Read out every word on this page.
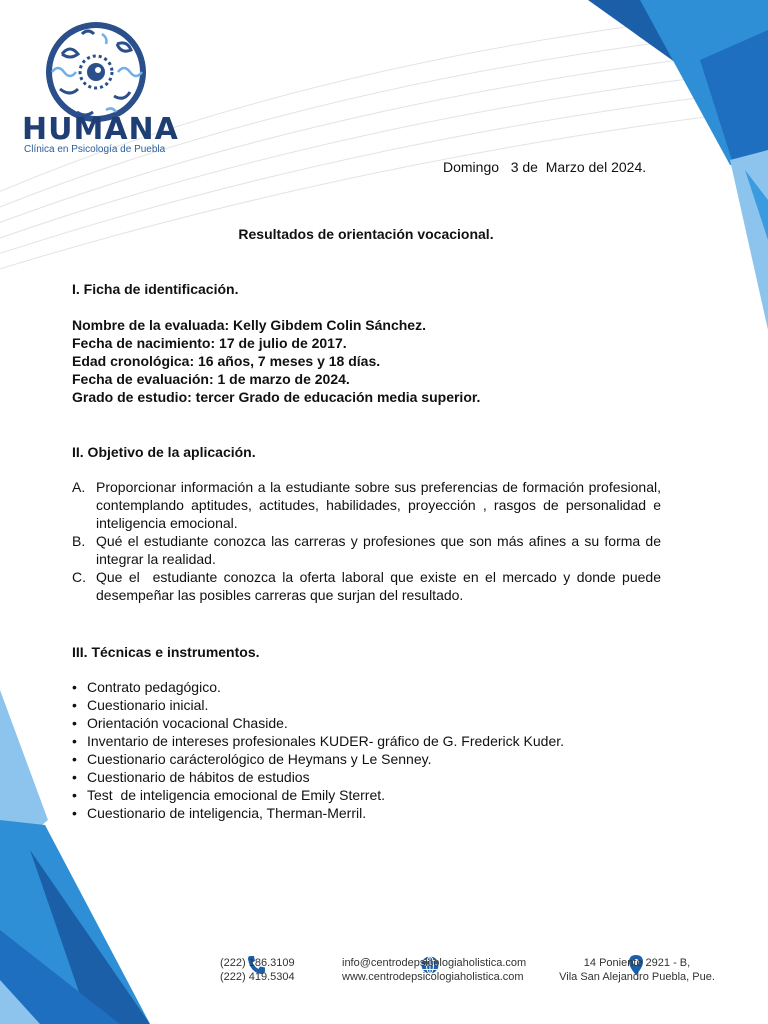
HUMANA
Clínica en Psicología de Puebla
Domingo   3 de  Marzo del 2024.
Resultados de orientación vocacional.
I. Ficha de identificación.
Nombre de la evaluada: Kelly Gibdem Colin Sánchez.
Fecha de nacimiento: 17 de julio de 2017.
Edad cronológica: 16 años, 7 meses y 18 días.
Fecha de evaluación: 1 de marzo de 2024.
Grado de estudio: tercer Grado de educación media superior.
II. Objetivo de la aplicación.
A. Proporcionar información a la estudiante sobre sus preferencias de formación profesional, contemplando aptitudes, actitudes, habilidades, proyección , rasgos de personalidad e inteligencia emocional.
B. Qué el estudiante conozca las carreras y profesiones que son más afines a su forma de integrar la realidad.
C. Que el  estudiante conozca la oferta laboral que existe en el mercado y donde puede desempeñar las posibles carreras que surjan del resultado.
III. Técnicas e instrumentos.
• Contrato pedagógico.
• Cuestionario inicial.
• Orientación vocacional Chaside.
• Inventario de intereses profesionales KUDER- gráfico de G. Frederick Kuder.
• Cuestionario carácterológico de Heymans y Le Senney.
• Cuestionario de hábitos de estudios
• Test  de inteligencia emocional de Emily Sterret.
• Cuestionario de inteligencia, Therman-Merril.
(222) 186.3109
(222) 419.5304
info@centrodepsicologiaholistica.com
www.centrodepsicologiaholistica.com
14 Poniente 2921 - B,
Vila San Alejandro Puebla, Pue.
